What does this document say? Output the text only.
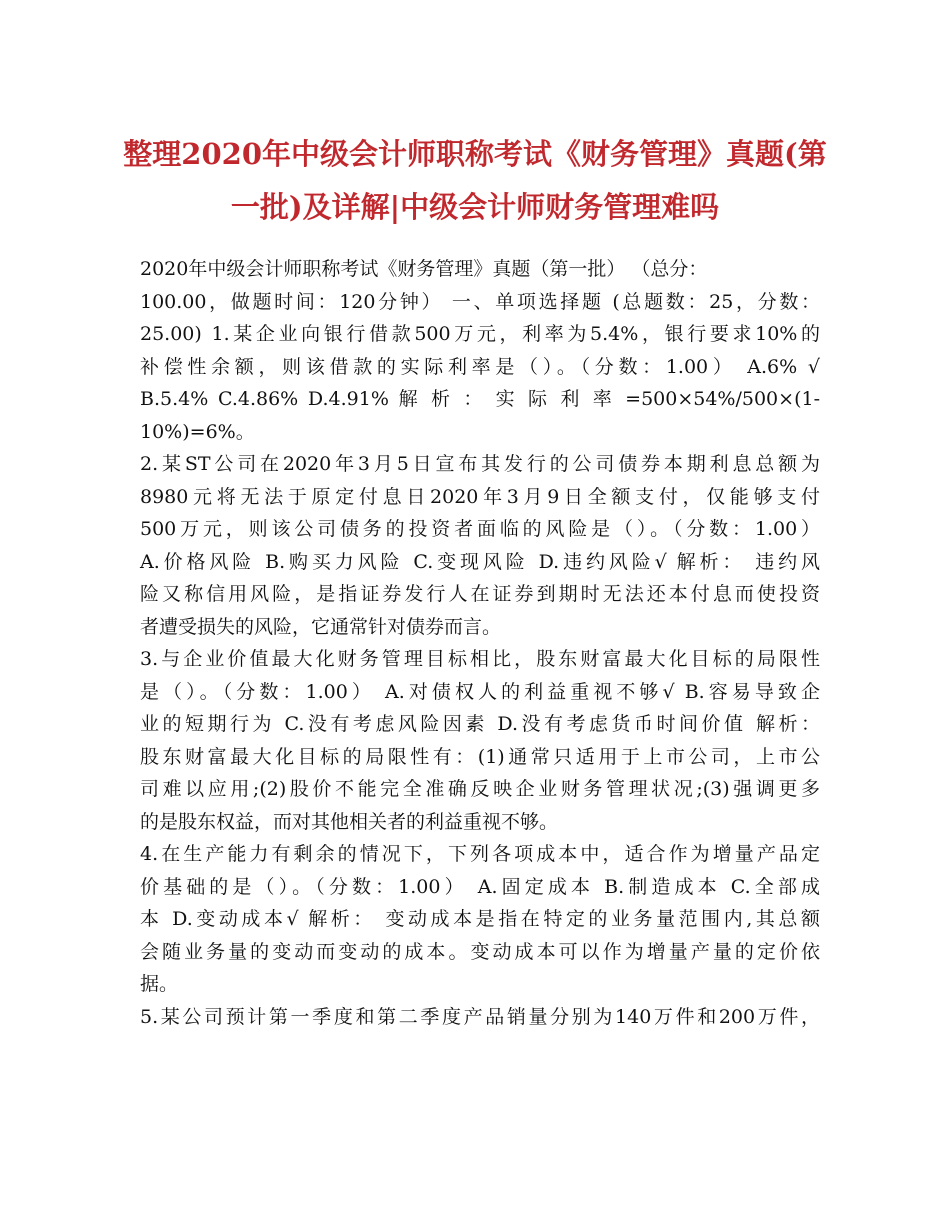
整理2020年中级会计师职称考试《财务管理》真题(第
一批)及详解|中级会计师财务管理难吗
2020年中级会计师职称考试《财务管理》真题（第一批） （总分：
100.00，做题时间：120分钟） 一、单项选择题 (总题数：25，分数：
25.00) 1.某企业向银行借款500万元，利率为5.4%，银行要求10%的
补偿性余额，则该借款的实际利率是（）。（分数：1.00） A.6% √
B.5.4% C.4.86% D.4.91% 解 析 ： 实 际 利 率 =500×54%/500×(1-
10%)=6%。
2.某ST公司在2020年3月5日宣布其发行的公司债券本期利息总额为
8980元将无法于原定付息日2020年3月9日全额支付，仅能够支付
500万元，则该公司债务的投资者面临的风险是（）。（分数：1.00）
A.价格风险 B.购买力风险 C.变现风险 D.违约风险√ 解析： 违约风
险又称信用风险，是指证券发行人在证券到期时无法还本付息而使投资
者遭受损失的风险，它通常针对债券而言。
3.与企业价值最大化财务管理目标相比，股东财富最大化目标的局限性
是（）。（分数：1.00） A.对债权人的利益重视不够√ B.容易导致企
业的短期行为 C.没有考虑风险因素 D.没有考虑货币时间价值 解析：
股东财富最大化目标的局限性有：(1)通常只适用于上市公司，上市公
司难以应用;(2)股价不能完全准确反映企业财务管理状况;(3)强调更多
的是股东权益，而对其他相关者的利益重视不够。
4.在生产能力有剩余的情况下，下列各项成本中，适合作为增量产品定
价基础的是（）。（分数：1.00） A.固定成本 B.制造成本 C.全部成
本 D.变动成本√ 解析： 变动成本是指在特定的业务量范围内,其总额
会随业务量的变动而变动的成本。变动成本可以作为增量产量的定价依
据。
5.某公司预计第一季度和第二季度产品销量分别为140万件和200万件，
